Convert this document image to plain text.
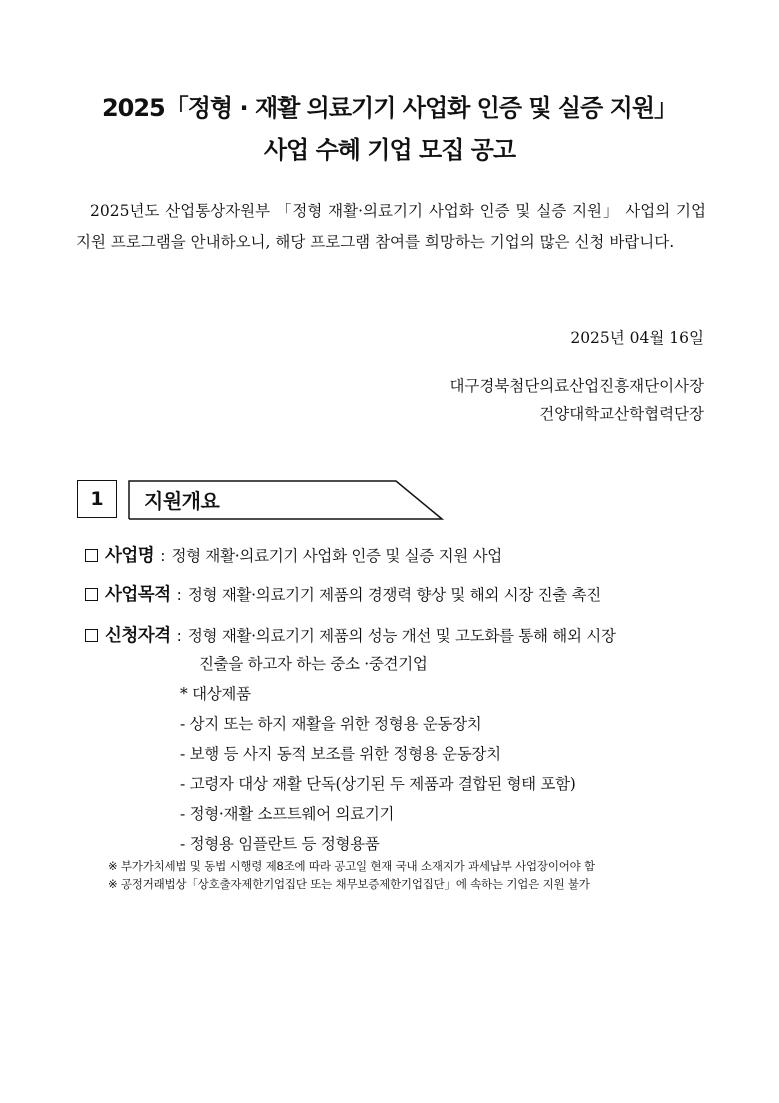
2025「정형 · 재활 의료기기 사업화 인증 및 실증 지원」
사업 수혜 기업 모집 공고
2025년도 산업통상자원부 「정형 재활·의료기기 사업화 인증 및 실증 지원」 사업의 기업지원 프로그램을 안내하오니, 해당 프로그램 참여를 희망하는 기업의 많은 신청 바랍니다.
2025년 04월 16일
대구경북첨단의료산업진흥재단이사장
건양대학교산학협력단장
1 지원개요
사업명 : 정형 재활·의료기기 사업화 인증 및 실증 지원 사업
사업목적 : 정형 재활·의료기기 제품의 경쟁력 향상 및 해외 시장 진출 촉진
신청자격 : 정형 재활·의료기기 제품의 성능 개선 및 고도화를 통해 해외 시장
진출을 하고자 하는 중소 ·중견기업
* 대상제품
- 상지 또는 하지 재활을 위한 정형용 운동장치
- 보행 등 사지 동적 보조를 위한 정형용 운동장치
- 고령자 대상 재활 단독(상기된 두 제품과 결합된 형태 포함)
- 정형·재활 소프트웨어 의료기기
- 정형용 임플란트 등 정형용품
※ 부가가치세법 및 동법 시행령 제8조에 따라 공고일 현재 국내 소재지가 과세납부 사업장이어야 함
※ 공정거래법상「상호출자제한기업집단 또는 채무보증제한기업집단」에 속하는 기업은 지원 불가
